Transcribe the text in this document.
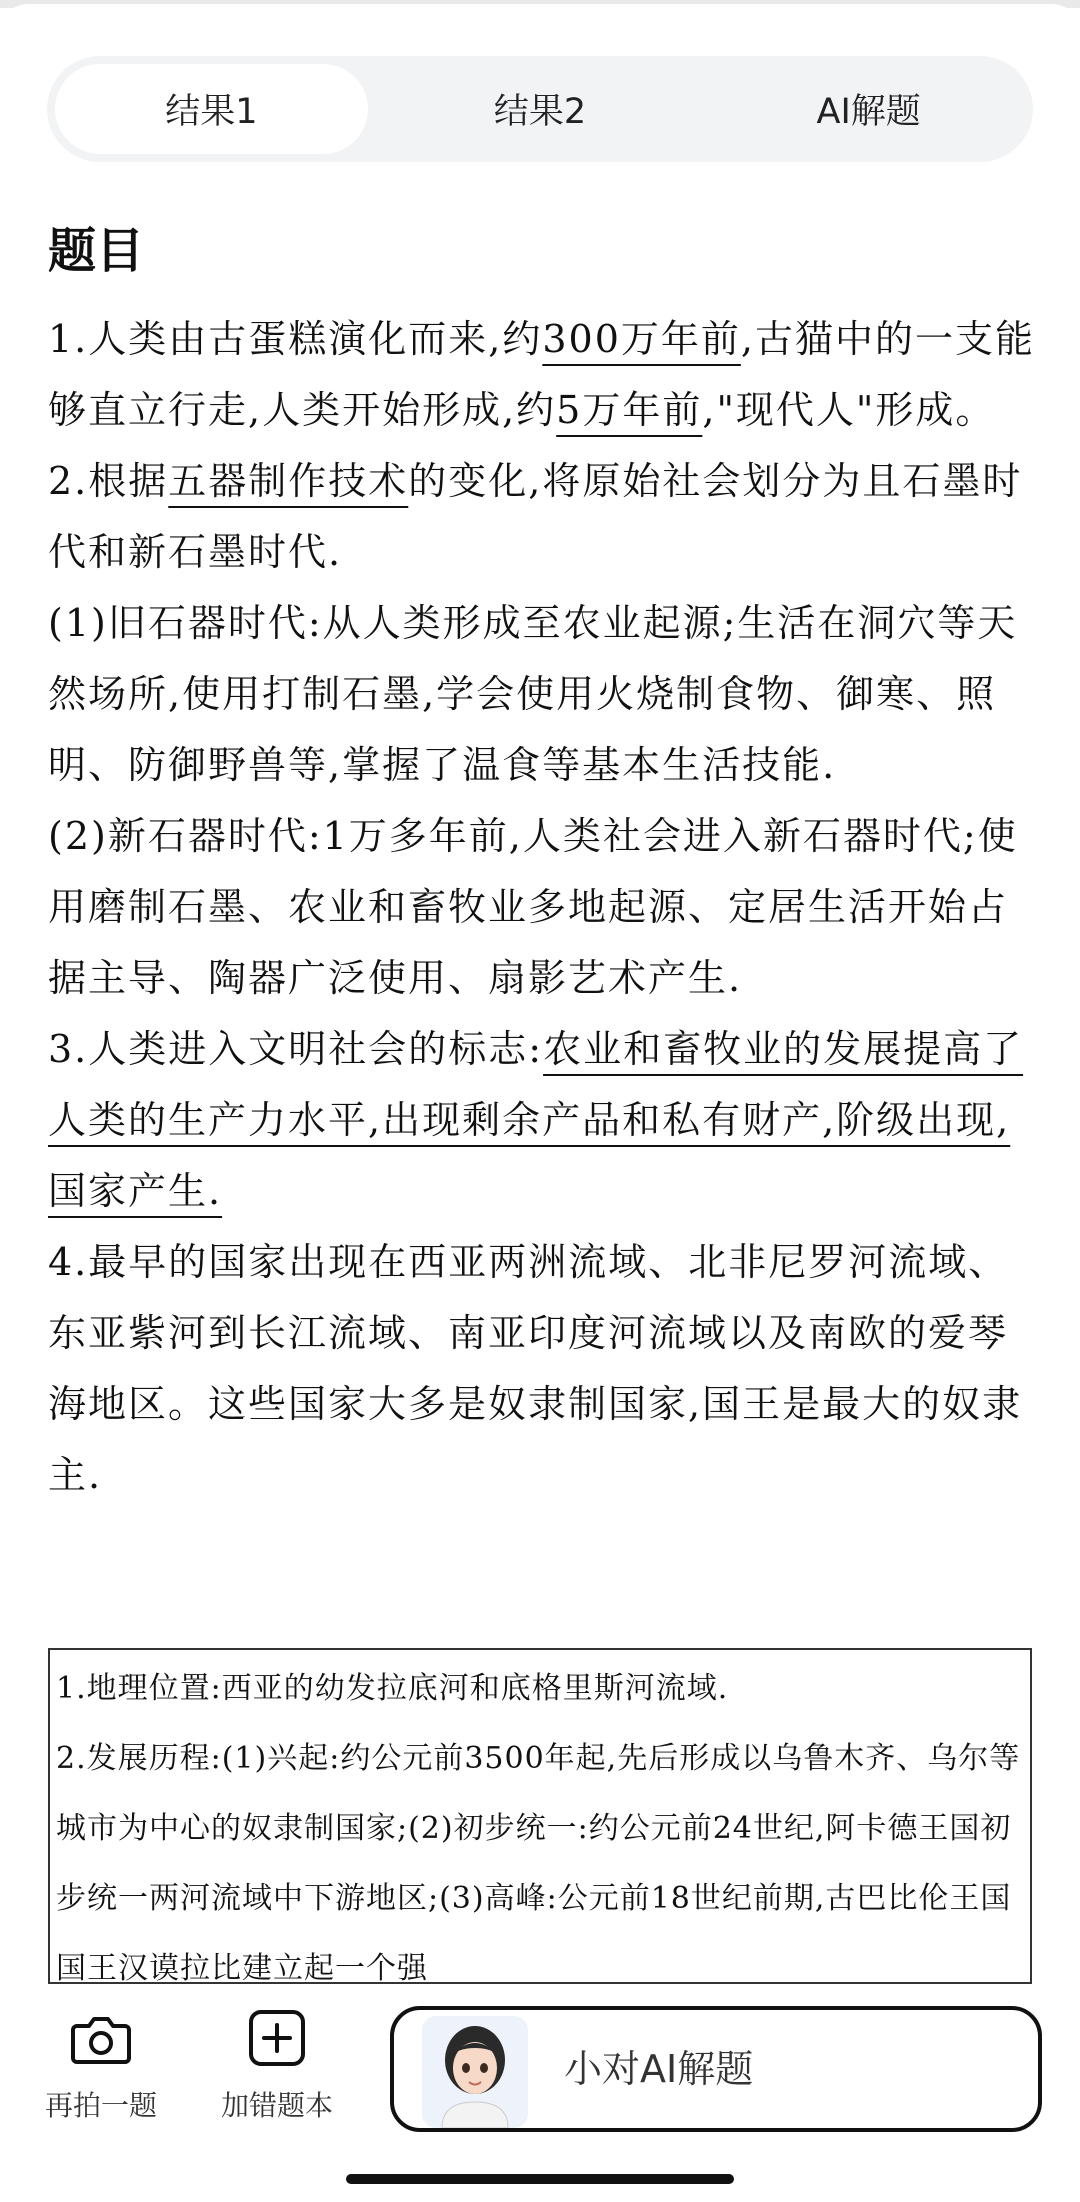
结果1	结果2	AI解题
题目

1.人类由古蛋糕演化而来,约300万年前,古猫中的一支能够直立行走,人类开始形成,约5万年前,"现代人"形成。

2.根据五器制作技术的变化,将原始社会划分为且石墨时代和新石墨时代.

(1)旧石器时代:从人类形成至农业起源;生活在洞穴等天然场所,使用打制石墨,学会使用火烧制食物、御寒、照明、防御野兽等,掌握了温食等基本生活技能.

(2)新石器时代:1万多年前,人类社会进入新石器时代;使用磨制石墨、农业和畜牧业多地起源、定居生活开始占据主导、陶器广泛使用、扇影艺术产生.

3.人类进入文明社会的标志:农业和畜牧业的发展提高了人类的生产力水平,出现剩余产品和私有财产,阶级出现,国家产生.

4.最早的国家出现在西亚两洲流域、北非尼罗河流域、东亚紫河到长江流域、南亚印度河流域以及南欧的爱琴海地区。这些国家大多是奴隶制国家,国王是最大的奴隶主.

1.地理位置:西亚的幼发拉底河和底格里斯河流域.

2.发展历程:(1)兴起:约公元前3500年起,先后形成以乌鲁木齐、乌尔等城市为中心的奴隶制国家;(2)初步统一:约公元前24世纪,阿卡德王国初步统一两河流域中下游地区;(3)高峰:公元前18世纪前期,古巴比伦王国国王汉谟拉比建立起一个强

再拍一题	加错题本
小对AI解题
